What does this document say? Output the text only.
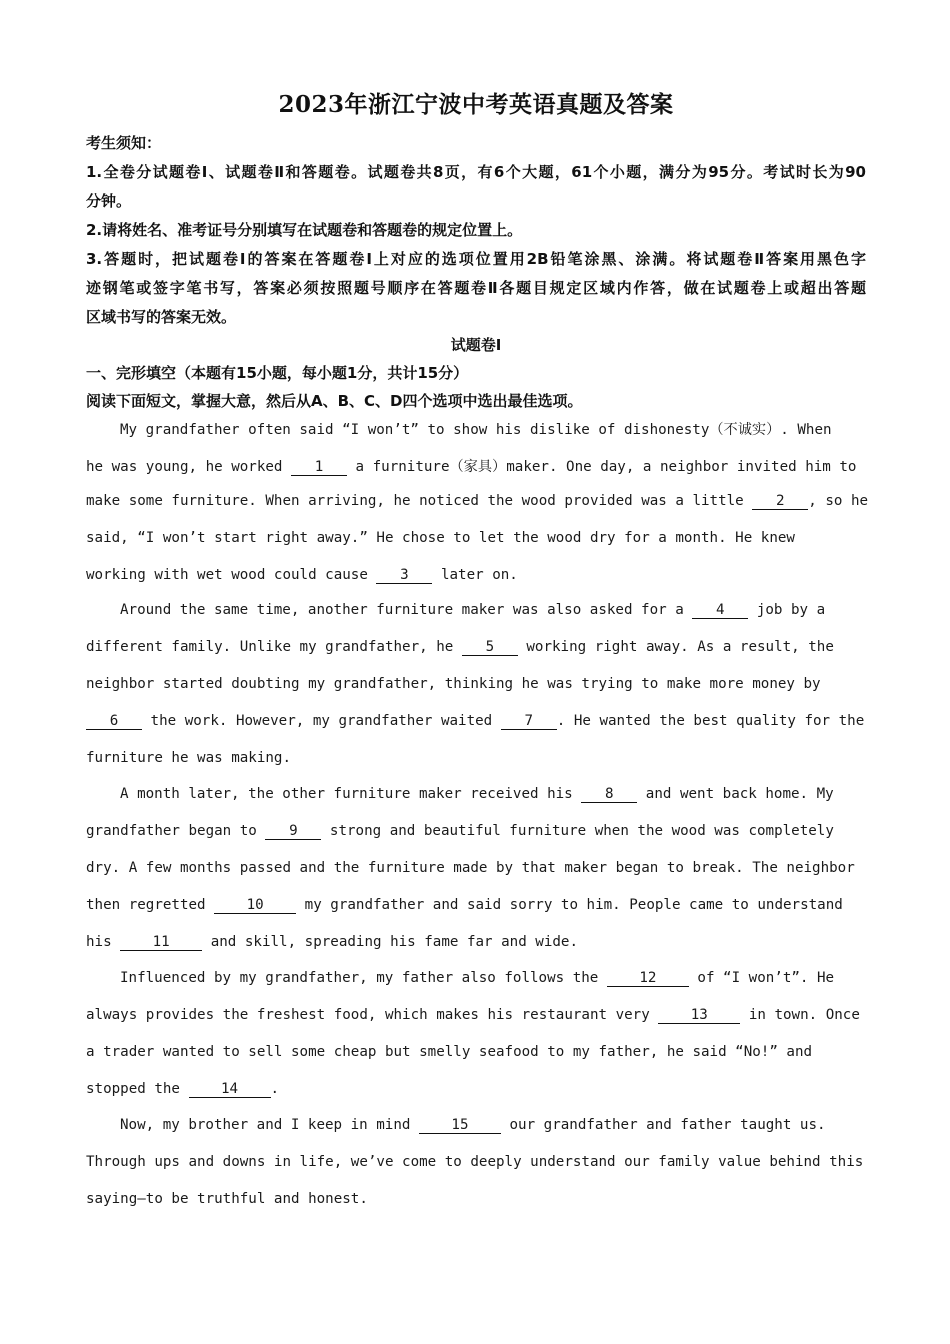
2023年浙江宁波中考英语真题及答案
考生须知：
1.全卷分试题卷Ⅰ、试题卷Ⅱ和答题卷。试题卷共8页，有6个大题，61个小题，满分为95分。考试时长为90
分钟。
2.请将姓名、准考证号分别填写在试题卷和答题卷的规定位置上。
3.答题时，把试题卷Ⅰ的答案在答题卷Ⅰ上对应的选项位置用2B铅笔涂黑、涂满。将试题卷Ⅱ答案用黑色字
迹钢笔或签字笔书写，答案必须按照题号顺序在答题卷Ⅱ各题目规定区域内作答，做在试题卷上或超出答题
区域书写的答案无效。
试题卷Ⅰ
一、完形填空（本题有15小题，每小题1分，共计15分）
阅读下面短文，掌握大意，然后从A、B、C、D四个选项中选出最佳选项。
My grandfather often said “I won’t” to show his dislike of dishonesty（不诚实）. When
he was young, he worked 1 a furniture（家具）maker. One day, a neighbor invited him to
make some furniture. When arriving, he noticed the wood provided was a little 2 , so he
said, “I won’t start right away.” He chose to let the wood dry for a month. He knew
working with wet wood could cause 3 later on.
Around the same time, another furniture maker was also asked for a 4 job by a
different family. Unlike my grandfather, he 5 working right away. As a result, the
neighbor started doubting my grandfather, thinking he was trying to make more money by
6 the work. However, my grandfather waited 7 . He wanted the best quality for the
furniture he was making.
A month later, the other furniture maker received his 8 and went back home. My
grandfather began to 9 strong and beautiful furniture when the wood was completely
dry. A few months passed and the furniture made by that maker began to break. The neighbor
then regretted 10 my grandfather and said sorry to him. People came to understand
his 11 and skill, spreading his fame far and wide.
Influenced by my grandfather, my father also follows the 12 of “I won’t”. He
always provides the freshest food, which makes his restaurant very 13 in town. Once
a trader wanted to sell some cheap but smelly seafood to my father, he said “No!” and
stopped the 14 .
Now, my brother and I keep in mind 15 our grandfather and father taught us.
Through ups and downs in life, we’ve come to deeply understand our family value behind this
saying—to be truthful and honest.
